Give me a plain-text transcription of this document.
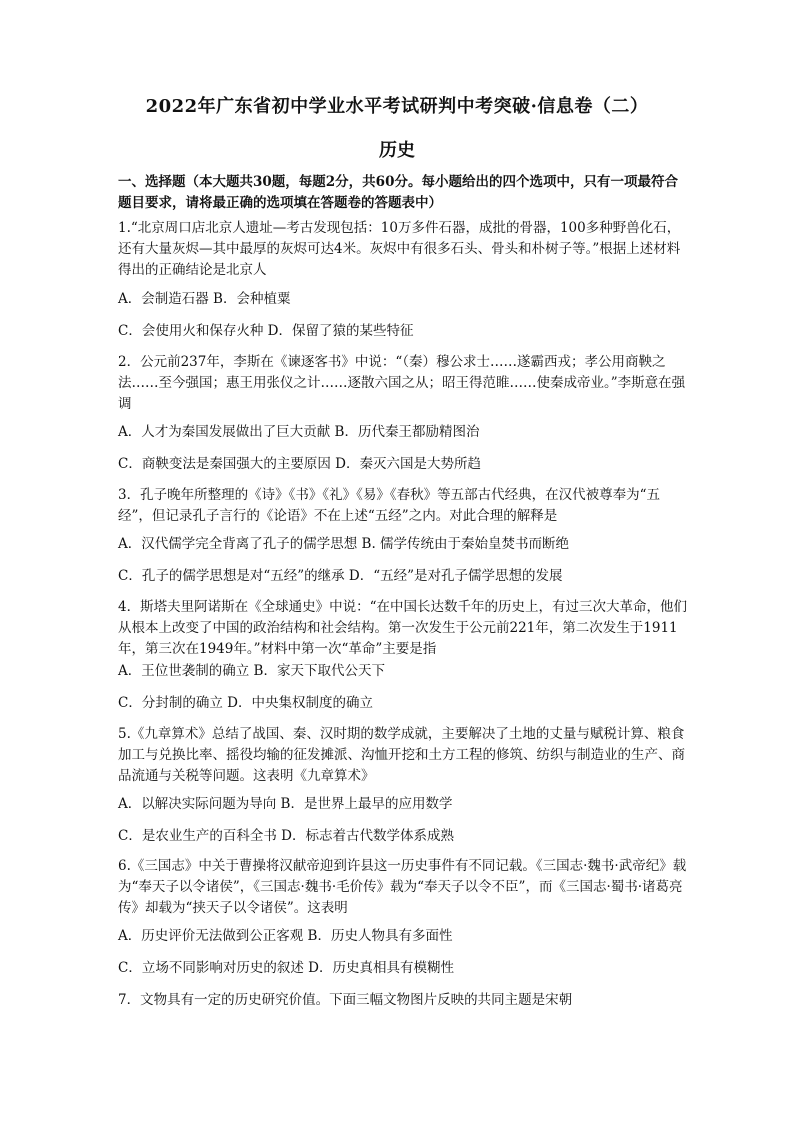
2022年广东省初中学业水平考试研判中考突破·信息卷（二）
历史
一、选择题（本大题共30题，每题2分，共60分。每小题给出的四个选项中，只有一项最符合题目要求，请将最正确的选项填在答题卷的答题表中）
1.“北京周口店北京人遗址—考古发现包括：10万多件石器，成批的骨器，100多种野兽化石，还有大量灰烬—其中最厚的灰烬可达4米。灰烬中有很多石头、骨头和朴树子等。”根据上述材料得出的正确结论是北京人
A．会制造石器 B．会种植粟
C．会使用火和保存火种 D．保留了猿的某些特征
2．公元前237年，李斯在《谏逐客书》中说：“（秦）穆公求士……遂霸西戎；孝公用商鞅之法……至今强国；惠王用张仪之计……逐散六国之从；昭王得范睢……使秦成帝业。”李斯意在强调
A．人才为秦国发展做出了巨大贡献 B．历代秦王都励精图治
C．商鞅变法是秦国强大的主要原因 D．秦灭六国是大势所趋
3．孔子晚年所整理的《诗》《书》《礼》《易》《春秋》等五部古代经典，在汉代被尊奉为“五经”，但记录孔子言行的《论语》不在上述“五经”之内。对此合理的解释是
A．汉代儒学完全背离了孔子的儒学思想 B. 儒学传统由于秦始皇焚书而断绝
C．孔子的儒学思想是对“五经”的继承 D．“五经”是对孔子儒学思想的发展
4．斯塔夫里阿诺斯在《全球通史》中说：“在中国长达数千年的历史上，有过三次大革命，他们从根本上改变了中国的政治结构和社会结构。第一次发生于公元前221年，第二次发生于1911年，第三次在1949年。”材料中第一次“革命”主要是指
A．王位世袭制的确立 B．家天下取代公天下
C．分封制的确立 D．中央集权制度的确立
5.《九章算术》总结了战国、秦、汉时期的数学成就，主要解决了土地的丈量与赋税计算、粮食加工与兑换比率、摇役均输的征发摊派、沟恤开挖和土方工程的修筑、纺织与制造业的生产、商品流通与关税等问题。这表明《九章算术》
A．以解决实际问题为导向 B．是世界上最早的应用数学
C．是农业生产的百科全书 D．标志着古代数学体系成熟
6.《三国志》中关于曹操将汉献帝迎到许县这一历史事件有不同记载。《三国志·魏书·武帝纪》载为“奉天子以令诸侯”，《三国志·魏书·毛价传》载为“奉天子以令不臣”，而《三国志·蜀书·诸葛亮传》却载为“挟天子以令诸侯”。这表明
A．历史评价无法做到公正客观 B．历史人物具有多面性
C．立场不同影响对历史的叙述 D．历史真相具有模糊性
7．文物具有一定的历史研究价值。下面三幅文物图片反映的共同主题是宋朝
